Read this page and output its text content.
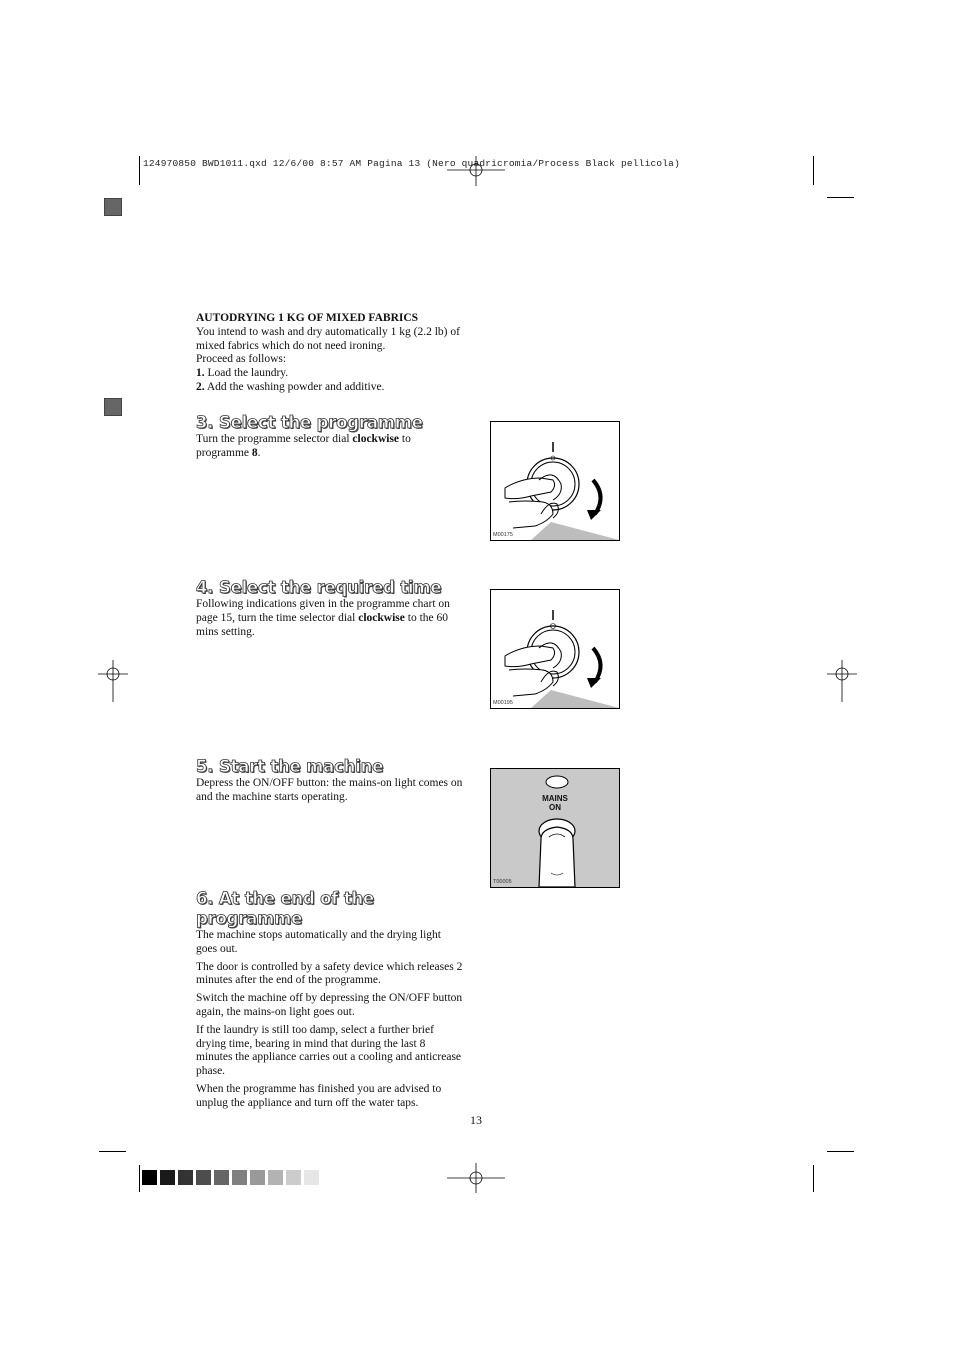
124970850 BWD1011.qxd 12/6/00 8:57 AM Pagina 13 (Nero quadricromia/Process Black pellicola)

AUTODRYING 1 KG OF MIXED FABRICS

You intend to wash and dry automatically 1 kg (2.2 lb) of mixed fabrics which do not need ironing.

Proceed as follows:

1. Load the laundry.

2. Add the washing powder and additive.

3. Select the programme

Turn the programme selector dial clockwise to programme 8.

M00175
4. Select the required time

Following indications given in the programme chart on page 15, turn the time selector dial clockwise to the 60 mins setting.

M00195
5. Start the machine

Depress the ON/OFF button: the mains-on light comes on and the machine starts operating.	MAINS
ON
T00005
6. At the end of the programme

The machine stops automatically and the drying light goes out.

The door is controlled by a safety device which releases 2 minutes after the end of the programme.

Switch the machine off by depressing the ON/OFF button again, the mains-on light goes out.

If the laundry is still too damp, select a further brief drying time, bearing in mind that during the last 8 minutes the appliance carries out a cooling and anticrease phase.

When the programme has finished you are advised to unplug the appliance and turn off the water taps.

13
